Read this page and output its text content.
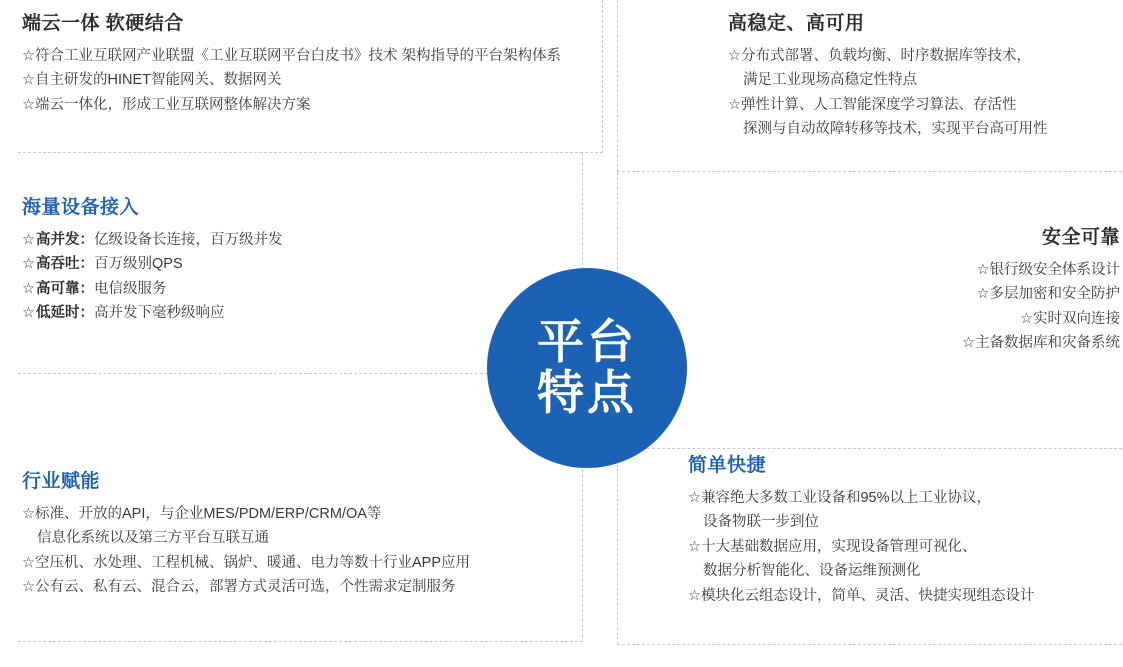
平台
特点
端云一体 软硬结合
☆符合工业互联网产业联盟《工业互联网平台白皮书》技术 架构指导的平台架构体系
☆自主研发的HINET智能网关、数据网关
☆端云一体化，形成工业互联网整体解决方案
海量设备接入
☆高并发：亿级设备长连接，百万级并发
☆高吞吐：百万级别QPS
☆高可靠：电信级服务
☆低延时：高并发下毫秒级响应
行业赋能
☆标准、开放的API，与企业MES/PDM/ERP/CRM/OA等
信息化系统以及第三方平台互联互通
☆空压机、水处理、工程机械、锅炉、暖通、电力等数十行业APP应用
☆公有云、私有云、混合云，部署方式灵活可选，个性需求定制服务
高稳定、高可用
☆分布式部署、负载均衡、时序数据库等技术，
满足工业现场高稳定性特点
☆弹性计算、人工智能深度学习算法、存活性
探测与自动故障转移等技术，实现平台高可用性
安全可靠
☆银行级安全体系设计
☆多层加密和安全防护
☆实时双向连接
☆主备数据库和灾备系统
简单快捷
☆兼容绝大多数工业设备和95%以上工业协议，
设备物联一步到位
☆十大基础数据应用，实现设备管理可视化、
数据分析智能化、设备运维预测化
☆模块化云组态设计，简单、灵活、快捷实现组态设计
